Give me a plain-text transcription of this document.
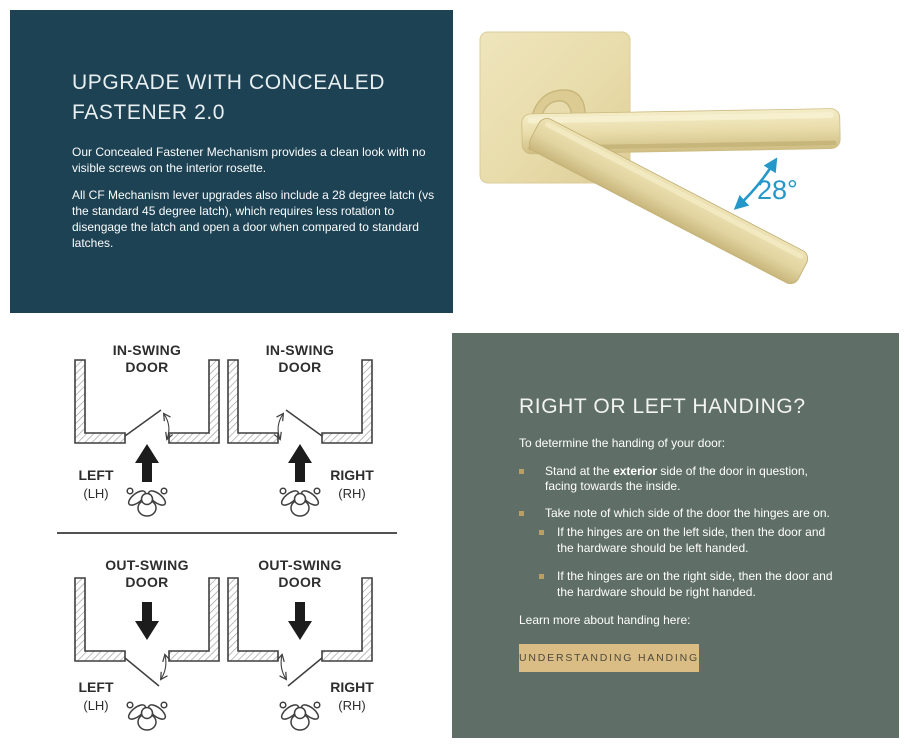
UPGRADE WITH CONCEALED FASTENER 2.0

Our Concealed Fastener Mechanism provides a clean look with no visible screws on the interior rosette.

All CF Mechanism lever upgrades also include a 28 degree latch (vs the standard 45 degree latch), which requires less rotation to disengage the latch and open a door when compared to standard latches.

28°
IN-SWING
DOOR
IN-SWING
DOOR
LEFT
(LH)
RIGHT
(RH)
OUT-SWING
DOOR
OUT-SWING
DOOR
LEFT
(LH)
RIGHT
(RH)
RIGHT OR LEFT HANDING?

To determine the handing of your door:

Stand at the exterior side of the door in question, facing towards the inside.
Take note of which side of the door the hinges are on.
If the hinges are on the left side, then the door and the hardware should be left handed.
If the hinges are on the right side, then the door and the hardware should be right handed.

Learn more about handing here:

UNDERSTANDING HANDING
